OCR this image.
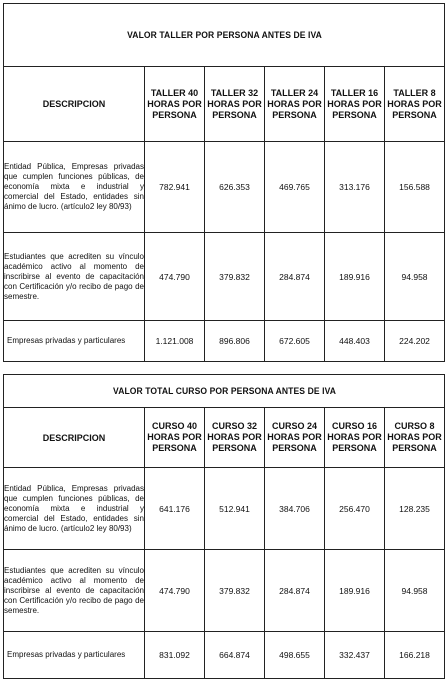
VALOR TALLER POR PERSONA ANTES DE IVA					
DESCRIPCION	TALLER 40
HORAS POR
PERSONA	TALLER 32
HORAS POR
PERSONA	TALLER 24
HORAS POR
PERSONA	TALLER 16
HORAS POR
PERSONA	TALLER 8
HORAS POR
PERSONA
Entidad Pública, Empresas privadas que cumplen funciones públicas, de economía mixta e industrial y comercial del Estado, entidades sin ánimo de lucro. (artículo2 ley 80/93)	782.941	626.353	469.765	313.176	156.588
Estudiantes que acrediten su vínculo académico activo al momento de inscribirse al evento de capacitación con Certificación y/o recibo de pago de semestre.	474.790	379.832	284.874	189.916	94.958
Empresas privadas y particulares	1.121.008	896.806	672.605	448.403	224.202
VALOR TOTAL CURSO POR PERSONA ANTES DE IVA					
DESCRIPCION	CURSO 40
HORAS POR
PERSONA	CURSO 32
HORAS POR
PERSONA	CURSO 24
HORAS POR
PERSONA	CURSO 16
HORAS POR
PERSONA	CURSO 8
HORAS POR
PERSONA
Entidad Pública, Empresas privadas que cumplen funciones públicas, de economía mixta e industrial y comercial del Estado, entidades sin ánimo de lucro. (artículo2 ley 80/93)	641.176	512.941	384.706	256.470	128.235
Estudiantes que acrediten su vínculo académico activo al momento de inscribirse al evento de capacitación con Certificación y/o recibo de pago de semestre.	474.790	379.832	284.874	189.916	94.958
Empresas privadas y particulares	831.092	664.874	498.655	332.437	166.218
